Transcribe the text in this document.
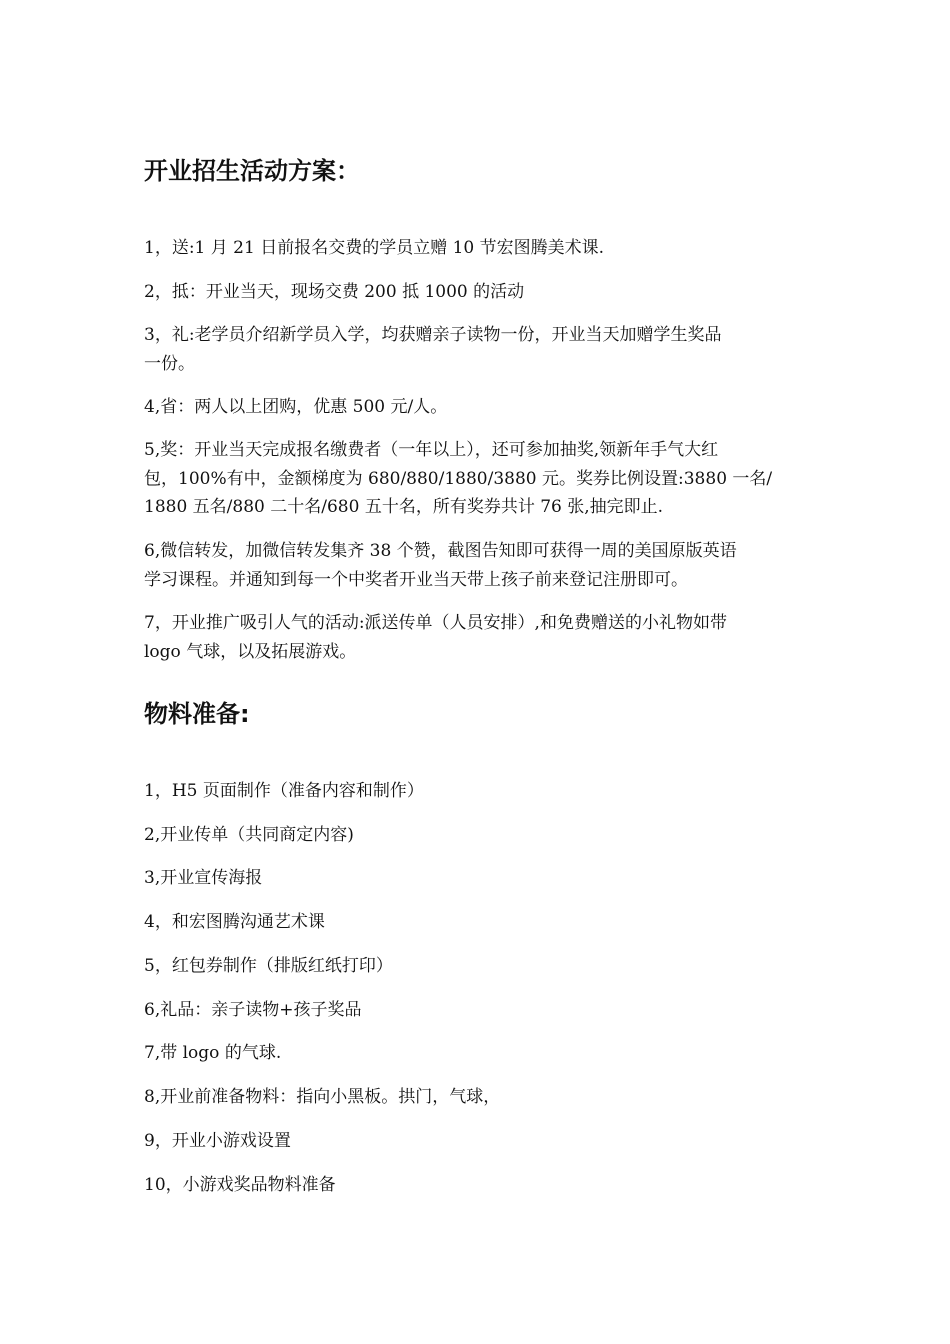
开业招生活动方案：
1，送:1 月 21 日前报名交费的学员立赠 10 节宏图腾美术课.
2，抵：开业当天，现场交费 200 抵 1000 的活动
3，礼:老学员介绍新学员入学，均获赠亲子读物一份，开业当天加赠学生奖品
一份。
4,省：两人以上团购，优惠 500 元/人。
5,奖：开业当天完成报名缴费者（一年以上），还可参加抽奖,领新年手气大红
包，100%有中，金额梯度为 680/880/1880/3880 元。奖券比例设置:3880 一名/
1880 五名/880 二十名/680 五十名，所有奖券共计 76 张,抽完即止.
6,微信转发，加微信转发集齐 38 个赞，截图告知即可获得一周的美国原版英语
学习课程。并通知到每一个中奖者开业当天带上孩子前来登记注册即可。
7，开业推广吸引人气的活动:派送传单（人员安排）,和免费赠送的小礼物如带
logo 气球，以及拓展游戏。
物料准备:
1，H5 页面制作（准备内容和制作）
2,开业传单（共同商定内容)
3,开业宣传海报
4，和宏图腾沟通艺术课
5，红包券制作（排版红纸打印）
6,礼品：亲子读物+孩子奖品
7,带 logo 的气球.
8,开业前准备物料：指向小黑板。拱门，气球，
9，开业小游戏设置
10，小游戏奖品物料准备
